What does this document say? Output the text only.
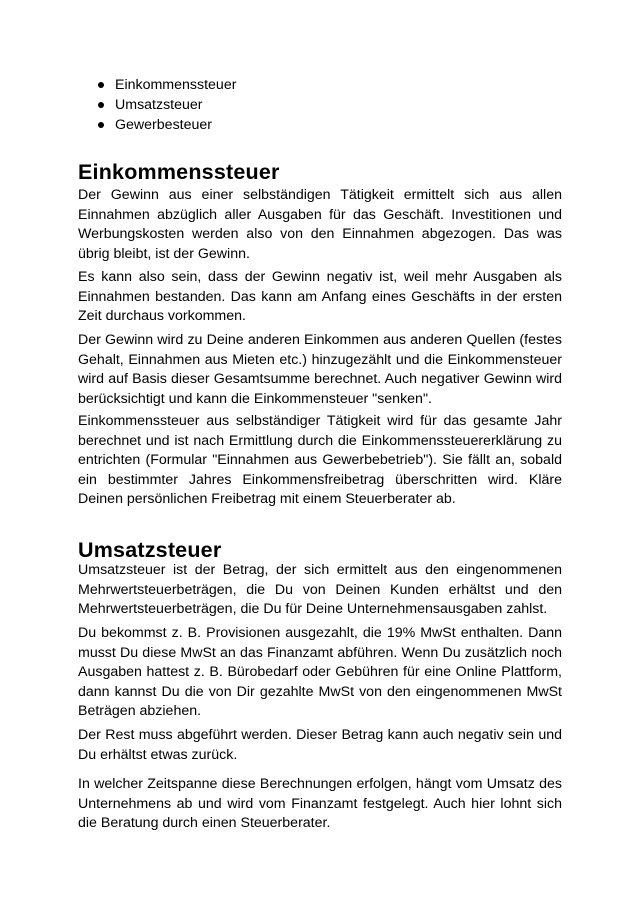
Einkommenssteuer
Umsatzsteuer
Gewerbesteuer
Einkommenssteuer

Der Gewinn aus einer selbständigen Tätigkeit ermittelt sich aus allen Einnahmen abzüglich aller Ausgaben für das Geschäft. Investitionen und Werbungskosten werden also von den Einnahmen abgezogen. Das was übrig bleibt, ist der Gewinn.

Es kann also sein, dass der Gewinn negativ ist, weil mehr Ausgaben als Einnahmen bestanden. Das kann am Anfang eines Geschäfts in der ersten Zeit durchaus vorkommen.

Der Gewinn wird zu Deine anderen Einkommen aus anderen Quellen (festes Gehalt, Einnahmen aus Mieten etc.) hinzugezählt und die Einkommensteuer wird auf Basis dieser Gesamtsumme berechnet. Auch negativer Gewinn wird berücksichtigt und kann die Einkommensteuer "senken".

Einkommenssteuer aus selbständiger Tätigkeit wird für das gesamte Jahr berechnet und ist nach Ermittlung durch die Einkommenssteuererklärung zu entrichten (Formular "Einnahmen aus Gewerbebetrieb"). Sie fällt an, sobald ein bestimmter Jahres Einkommensfreibetrag überschritten wird. Kläre Deinen persönlichen Freibetrag mit einem Steuerberater ab.

Umsatzsteuer

Umsatzsteuer ist der Betrag, der sich ermittelt aus den eingenommenen Mehrwertsteuerbeträgen, die Du von Deinen Kunden erhältst und den Mehrwertsteuerbeträgen, die Du für Deine Unternehmensausgaben zahlst.

Du bekommst z. B. Provisionen ausgezahlt, die 19% MwSt enthalten. Dann musst Du diese MwSt an das Finanzamt abführen. Wenn Du zusätzlich noch Ausgaben hattest z. B. Bürobedarf oder Gebühren für eine Online Plattform, dann kannst Du die von Dir gezahlte MwSt von den eingenommenen MwSt Beträgen abziehen.

Der Rest muss abgeführt werden. Dieser Betrag kann auch negativ sein und Du erhältst etwas zurück.

In welcher Zeitspanne diese Berechnungen erfolgen, hängt vom Umsatz des Unternehmens ab und wird vom Finanzamt festgelegt. Auch hier lohnt sich die Beratung durch einen Steuerberater.
